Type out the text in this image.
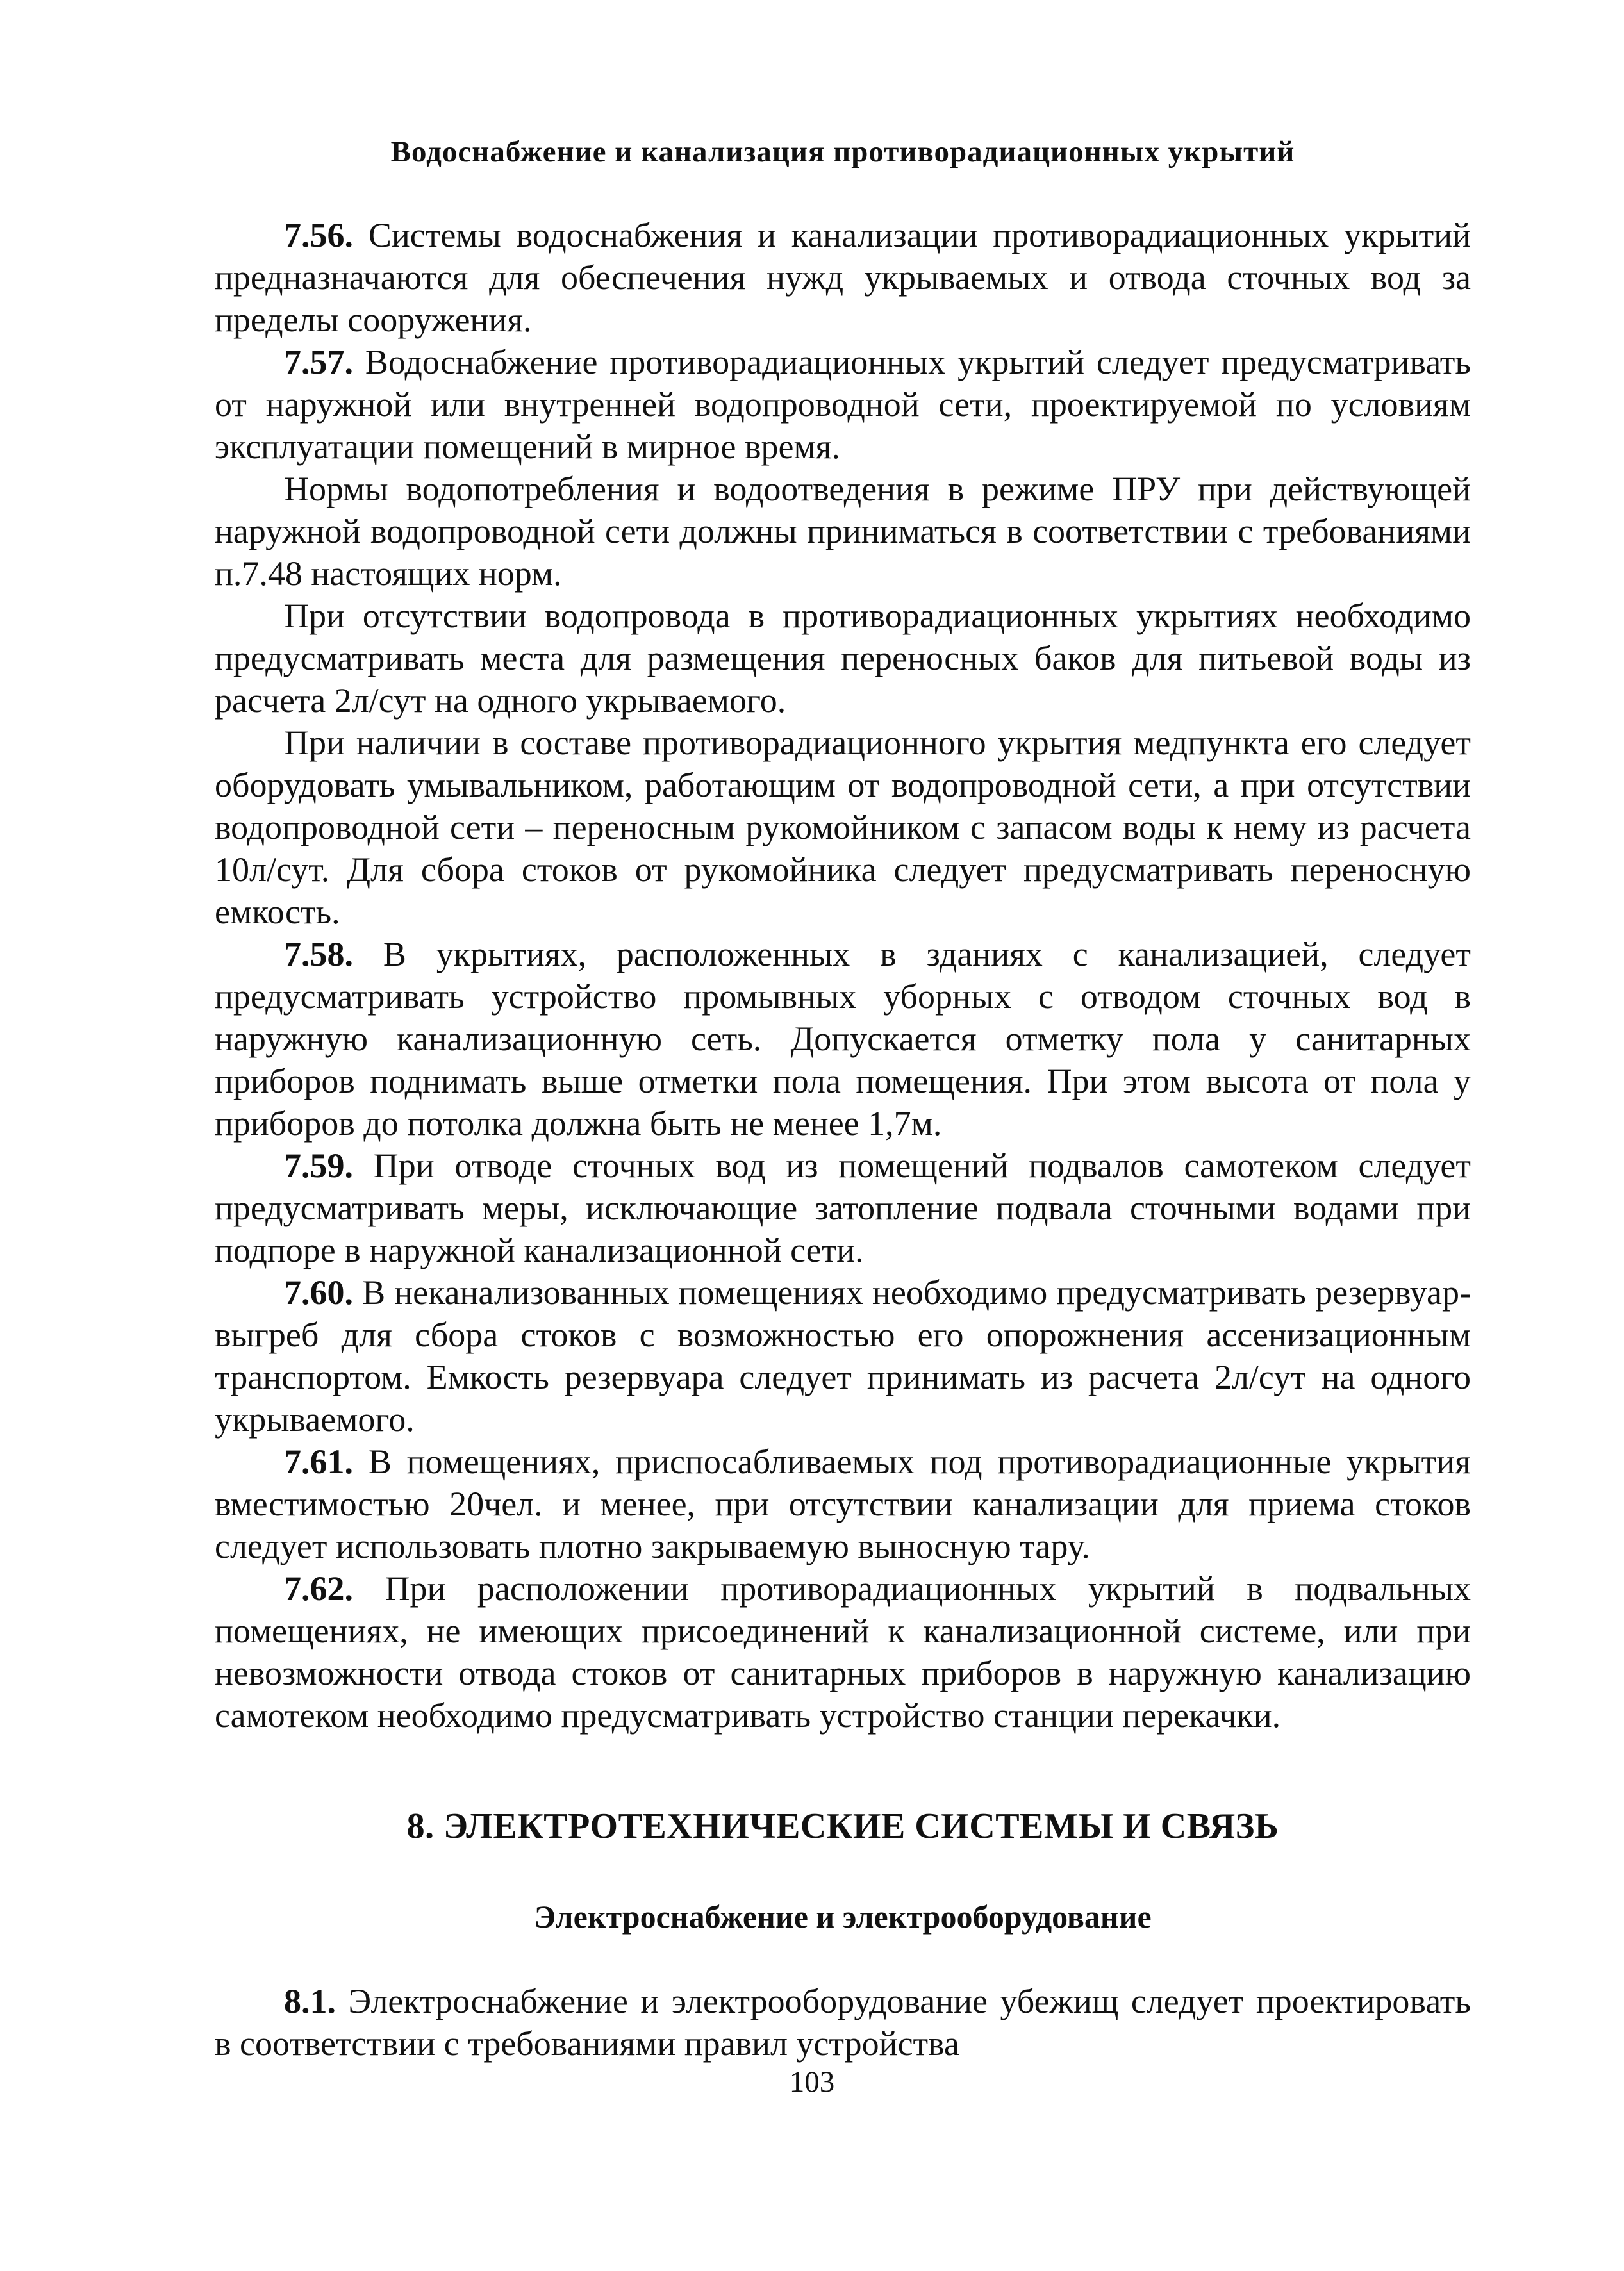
Водоснабжение и канализация противорадиационных укрытий

7.56. Системы водоснабжения и канализации противорадиационных укрытий предназначаются для обеспечения нужд укрываемых и отвода сточных вод за пределы сооружения.

7.57. Водоснабжение противорадиационных укрытий следует предусматривать от наружной или внутренней водопроводной сети, проектируемой по условиям эксплуатации помещений в мирное время.

Нормы водопотребления и водоотведения в режиме ПРУ при действующей наружной водопроводной сети должны приниматься в соответствии с требованиями п.7.48 настоящих норм.

При отсутствии водопровода в противорадиационных укрытиях необходимо предусматривать места для размещения переносных баков для питьевой воды из расчета 2л/сут на одного укрываемого.

При наличии в составе противорадиационного укрытия медпункта его следует оборудовать умывальником, работающим от водопроводной сети, а при отсутствии водопроводной сети – переносным рукомойником с запасом воды к нему из расчета 10л/сут. Для сбора стоков от рукомойника следует предусматривать переносную емкость.

7.58. В укрытиях, расположенных в зданиях с канализацией, следует предусматривать устройство промывных уборных с отводом сточных вод в наружную канализационную сеть. Допускается отметку пола у санитарных приборов поднимать выше отметки пола помещения. При этом высота от пола у приборов до потолка должна быть не менее 1,7м.

7.59. При отводе сточных вод из помещений подвалов самотеком следует предусматривать меры, исключающие затопление подвала сточными водами при подпоре в наружной канализационной сети.

7.60. В неканализованных помещениях необходимо предусматривать резервуар-выгреб для сбора стоков с возможностью его опорожнения ассенизационным транспортом. Емкость резервуара следует принимать из расчета 2л/сут на одного укрываемого.

7.61. В помещениях, приспосабливаемых под противорадиационные укрытия вместимостью 20чел. и менее, при отсутствии канализации для приема стоков следует использовать плотно закрываемую выносную тару.

7.62. При расположении противорадиационных укрытий в подвальных помещениях, не имеющих присоединений к канализационной системе, или при невозможности отвода стоков от санитарных приборов в наружную канализацию самотеком необходимо предусматривать устройство станции перекачки.

8. ЭЛЕКТРОТЕХНИЧЕСКИЕ СИСТЕМЫ И СВЯЗЬ
Электроснабжение и электрооборудование

8.1. Электроснабжение и электрооборудование убежищ следует проектировать в соответствии с требованиями правил устройства

103
